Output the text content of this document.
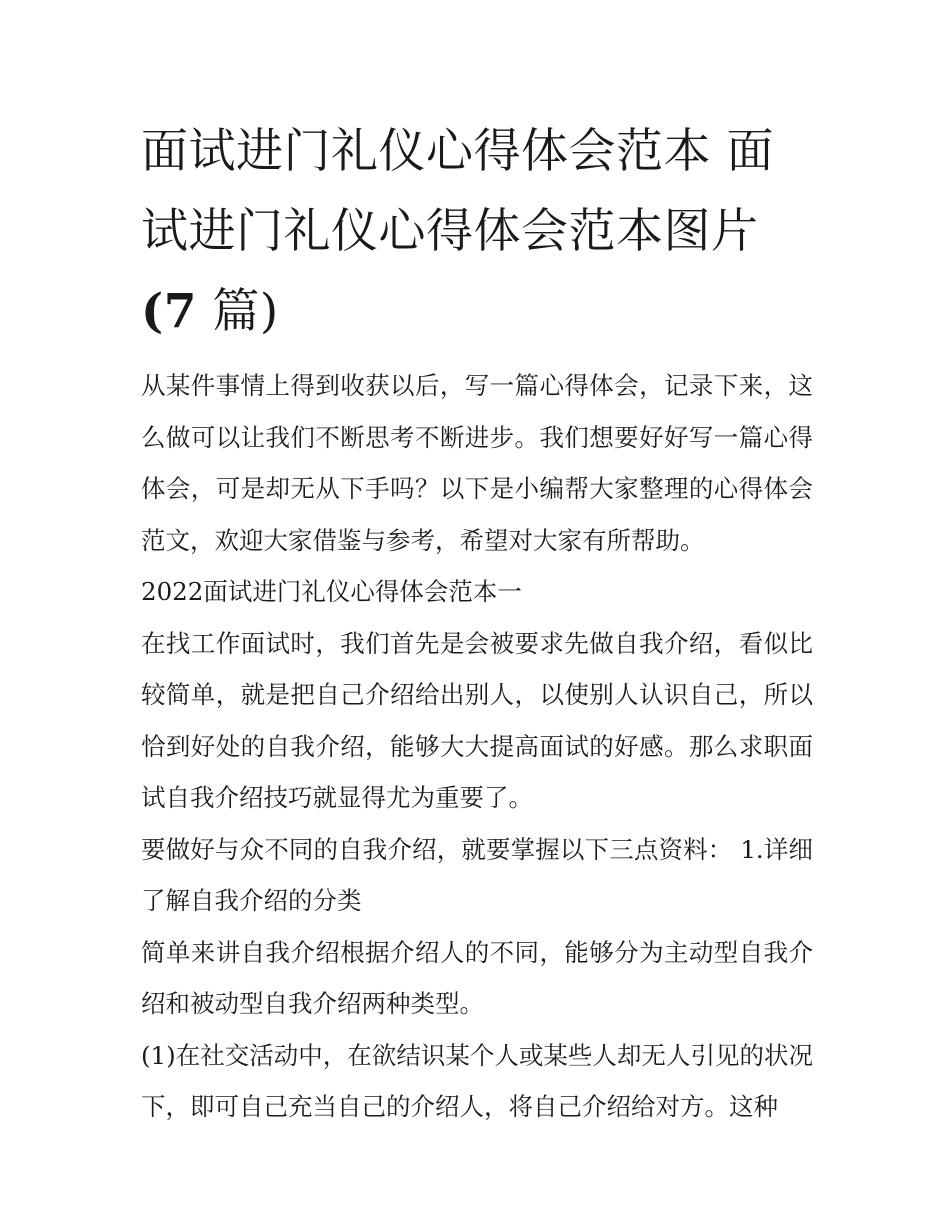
面试进门礼仪心得体会范本 面试进门礼仪心得体会范本图片
(7 篇)

从某件事情上得到收获以后，写一篇心得体会，记录下来，这么做可以让我们不断思考不断进步。我们想要好好写一篇心得体会，可是却无从下手吗？以下是小编帮大家整理的心得体会范文，欢迎大家借鉴与参考，希望对大家有所帮助。

2022面试进门礼仪心得体会范本一

在找工作面试时，我们首先是会被要求先做自我介绍，看似比较简单，就是把自己介绍给出别人，以使别人认识自己，所以恰到好处的自我介绍，能够大大提高面试的好感。那么求职面试自我介绍技巧就显得尤为重要了。

要做好与众不同的自我介绍，就要掌握以下三点资料： 1.详细了解自我介绍的分类

简单来讲自我介绍根据介绍人的不同，能够分为主动型自我介绍和被动型自我介绍两种类型。

(1)在社交活动中，在欲结识某个人或某些人却无人引见的状况下，即可自己充当自己的介绍人，将自己介绍给对方。这种
